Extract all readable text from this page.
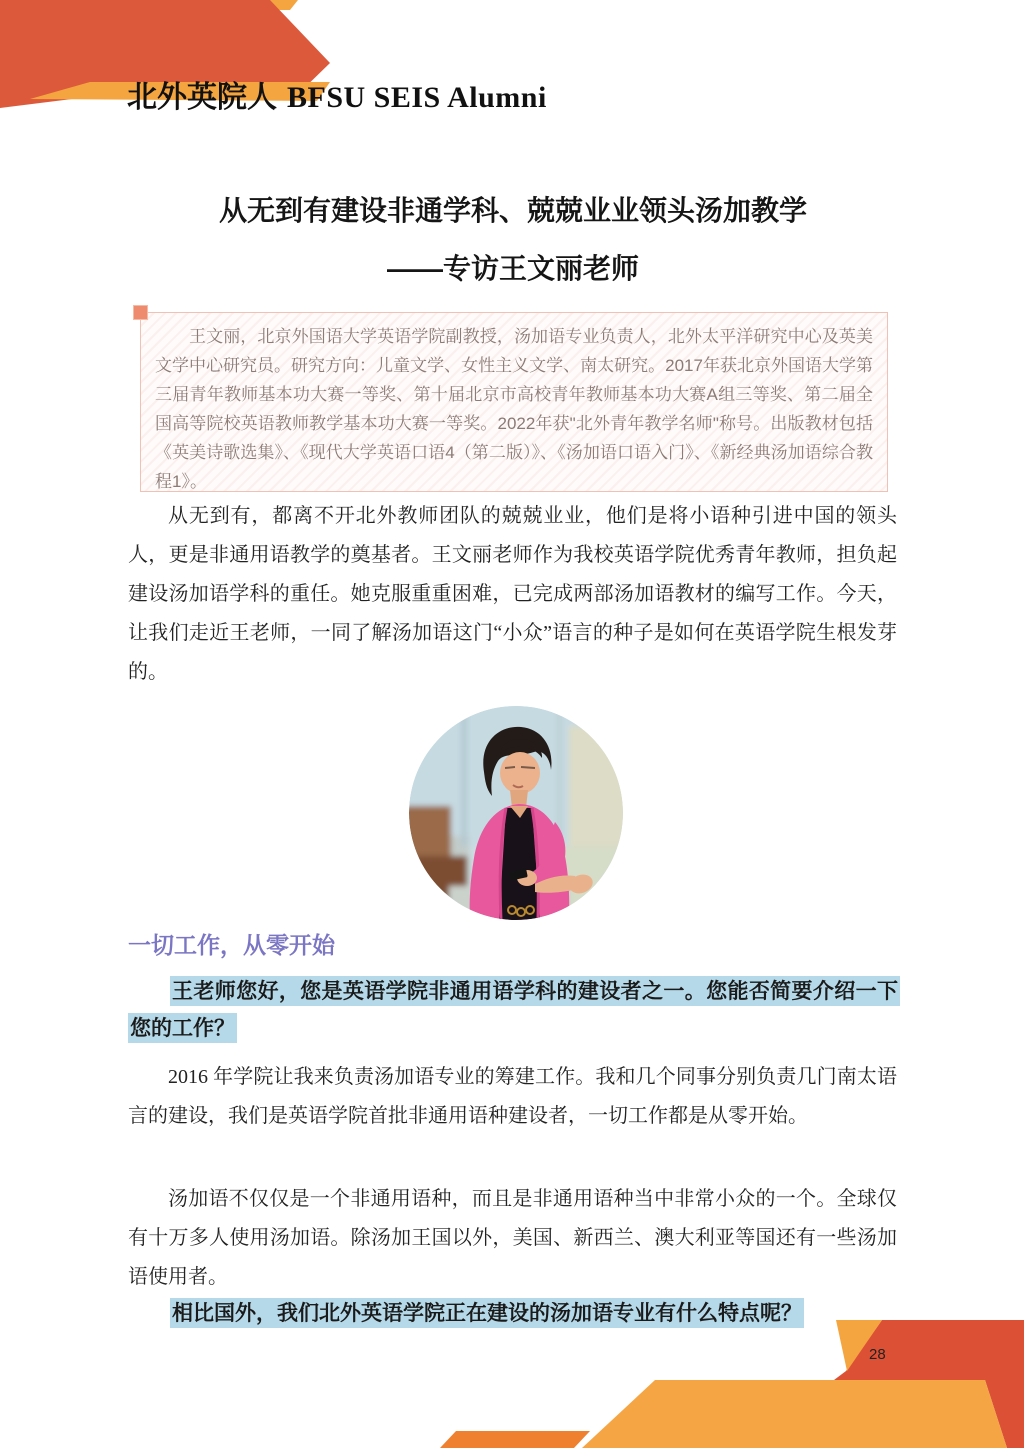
北外英院人 BFSU SEIS Alumni
从无到有建设非通学科、兢兢业业领头汤加教学
——专访王文丽老师
王文丽，北京外国语大学英语学院副教授，汤加语专业负责人，北外太平洋研究中心及英美文学中心研究员。研究方向：儿童文学、女性主义文学、南太研究。2017年获北京外国语大学第三届青年教师基本功大赛一等奖、第十届北京市高校青年教师基本功大赛A组三等奖、第二届全国高等院校英语教师教学基本功大赛一等奖。2022年获"北外青年教学名师"称号。出版教材包括《英美诗歌选集》、《现代大学英语口语4（第二版）》、《汤加语口语入门》、《新经典汤加语综合教程1》。
从无到有，都离不开北外教师团队的兢兢业业，他们是将小语种引进中国的领头人，更是非通用语教学的奠基者。王文丽老师作为我校英语学院优秀青年教师，担负起建设汤加语学科的重任。她克服重重困难，已完成两部汤加语教材的编写工作。今天，让我们走近王老师，一同了解汤加语这门“小众”语言的种子是如何在英语学院生根发芽的。
一切工作，从零开始
王老师您好，您是英语学院非通用语学科的建设者之一。您能否简要介绍一下您的工作？
2016 年学院让我来负责汤加语专业的筹建工作。我和几个同事分别负责几门南太语言的建设，我们是英语学院首批非通用语种建设者，一切工作都是从零开始。
汤加语不仅仅是一个非通用语种，而且是非通用语种当中非常小众的一个。全球仅有十万多人使用汤加语。除汤加王国以外，美国、新西兰、澳大利亚等国还有一些汤加语使用者。
相比国外，我们北外英语学院正在建设的汤加语专业有什么特点呢？
28
